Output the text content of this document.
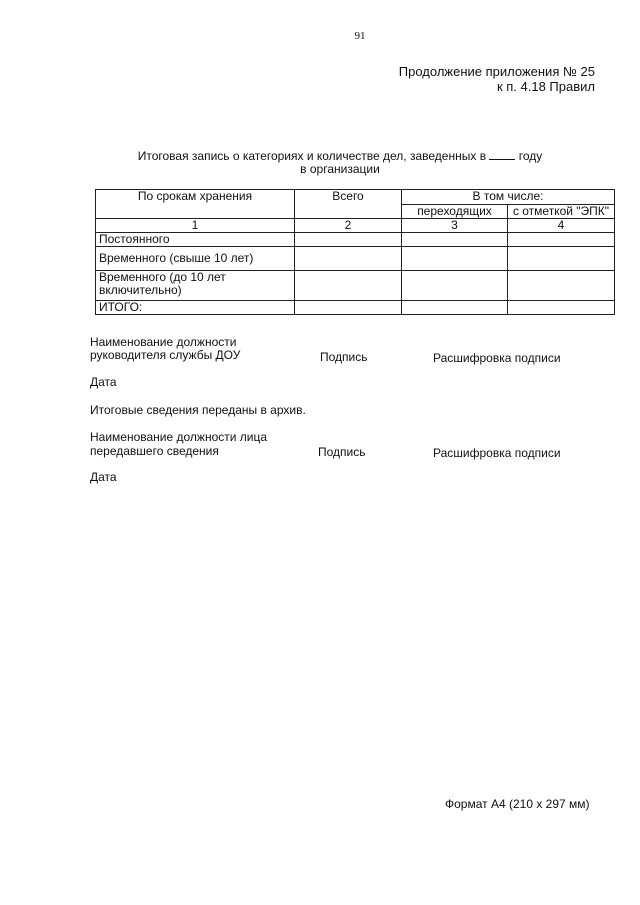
91
Продолжение приложения № 25
к п. 4.18 Правил
Итоговая запись о категориях и количестве дел, заведенных в	году
в организации
По срокам хранения	Всего	В том числе:	
		переходящих	с отметкой "ЭПК"
1	2	3	4
Постоянного			
Временного (свыше 10 лет)			

Временного (до 10 лет
включительно)			

ИТОГО:			
Наименование должности
руководителя службы ДОУ	Подпись	Расшифровка подписи
Дата
Итоговые сведения переданы в архив.
Наименование должности лица
передавшего сведения	Подпись	Расшифровка подписи
Дата
Формат А4 (210 х 297 мм)
